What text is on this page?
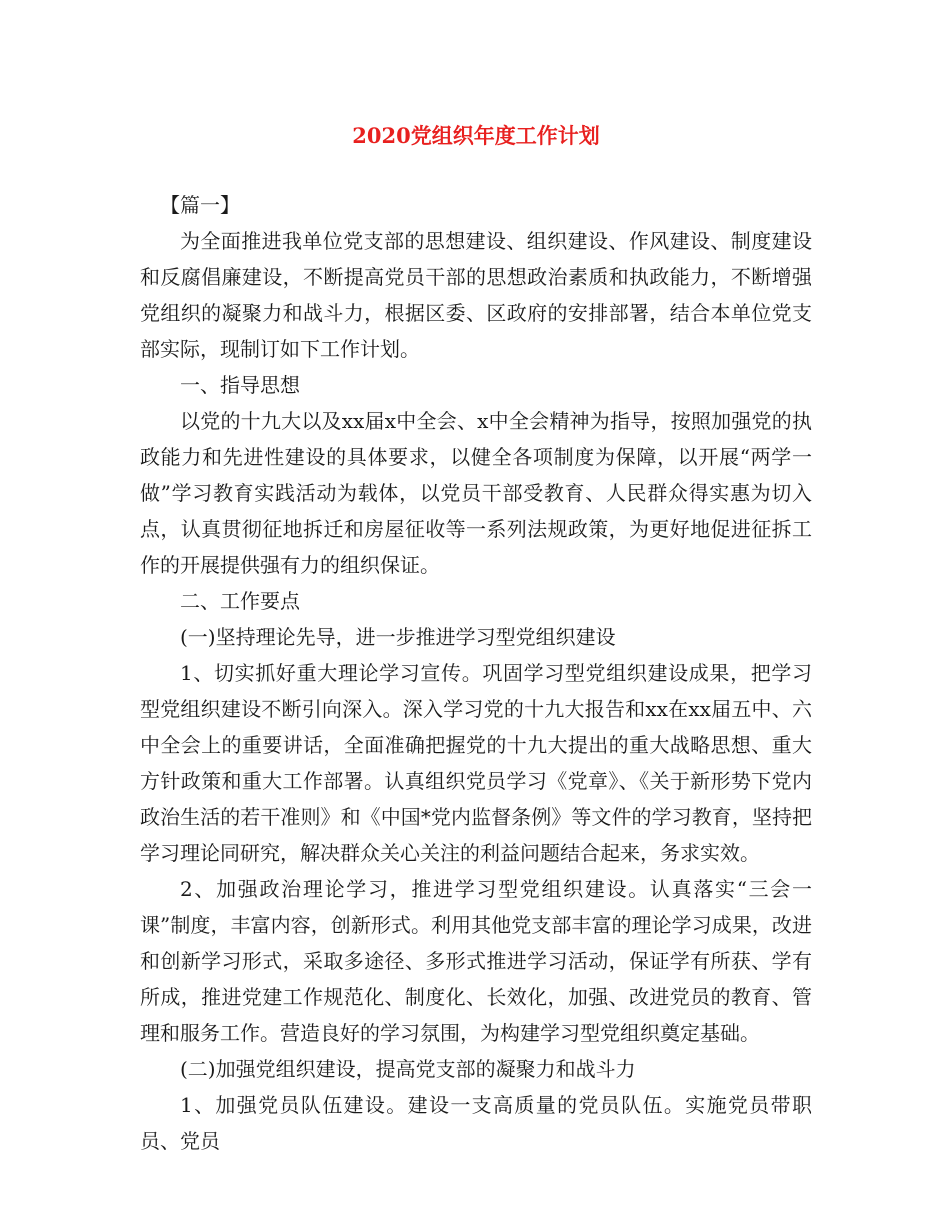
2020党组织年度工作计划

【篇一】

为全面推进我单位党支部的思想建设、组织建设、作风建设、制度建设和反腐倡廉建设，不断提高党员干部的思想政治素质和执政能力，不断增强党组织的凝聚力和战斗力，根据区委、区政府的安排部署，结合本单位党支部实际，现制订如下工作计划。

一、指导思想

以党的十九大以及xx届x中全会、x中全会精神为指导，按照加强党的执政能力和先进性建设的具体要求，以健全各项制度为保障，以开展“两学一做”学习教育实践活动为载体，以党员干部受教育、人民群众得实惠为切入点，认真贯彻征地拆迁和房屋征收等一系列法规政策，为更好地促进征拆工作的开展提供强有力的组织保证。

二、工作要点

(一)坚持理论先导，进一步推进学习型党组织建设

1、切实抓好重大理论学习宣传。巩固学习型党组织建设成果，把学习型党组织建设不断引向深入。深入学习党的十九大报告和xx在xx届五中、六中全会上的重要讲话，全面准确把握党的十九大提出的重大战略思想、重大方针政策和重大工作部署。认真组织党员学习《党章》、《关于新形势下党内政治生活的若干准则》和《中国*党内监督条例》等文件的学习教育，坚持把学习理论同研究，解决群众关心关注的利益问题结合起来，务求实效。

2、加强政治理论学习，推进学习型党组织建设。认真落实“三会一课”制度，丰富内容，创新形式。利用其他党支部丰富的理论学习成果，改进和创新学习形式，采取多途径、多形式推进学习活动，保证学有所获、学有所成，推进党建工作规范化、制度化、长效化，加强、改进党员的教育、管理和服务工作。营造良好的学习氛围，为构建学习型党组织奠定基础。

(二)加强党组织建设，提高党支部的凝聚力和战斗力

1、加强党员队伍建设。建设一支高质量的党员队伍。实施党员带职员、党员
